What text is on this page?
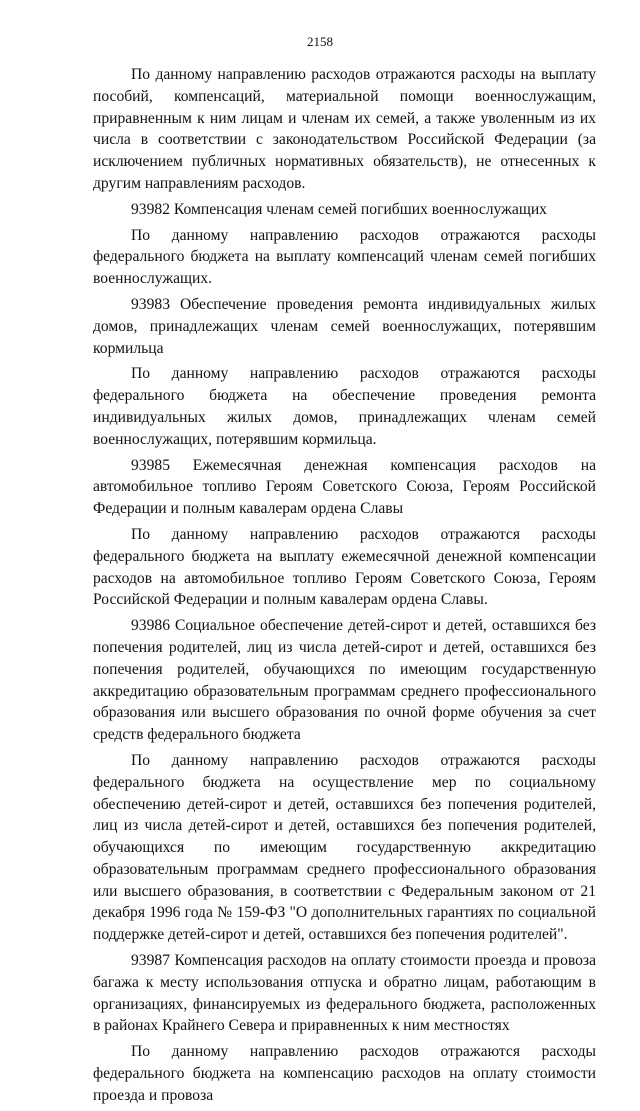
2158

По данному направлению расходов отражаются расходы на выплату пособий, компенсаций, материальной помощи военнослужащим, приравненным к ним лицам и членам их семей, а также уволенным из их числа в соответствии с законодательством Российской Федерации (за исключением публичных нормативных обязательств), не отнесенных к другим направлениям расходов.

93982 Компенсация членам семей погибших военнослужащих

По данному направлению расходов отражаются расходы федерального бюджета на выплату компенсаций членам семей погибших военнослужащих.

93983 Обеспечение проведения ремонта индивидуальных жилых домов, принадлежащих членам семей военнослужащих, потерявшим кормильца

По данному направлению расходов отражаются расходы федерального бюджета на обеспечение проведения ремонта индивидуальных жилых домов, принадлежащих членам семей военнослужащих, потерявшим кормильца.

93985 Ежемесячная денежная компенсация расходов на автомобильное топливо Героям Советского Союза, Героям Российской Федерации и полным кавалерам ордена Славы

По данному направлению расходов отражаются расходы федерального бюджета на выплату ежемесячной денежной компенсации расходов на автомобильное топливо Героям Советского Союза, Героям Российской Федерации и полным кавалерам ордена Славы.

93986 Социальное обеспечение детей-сирот и детей, оставшихся без попечения родителей, лиц из числа детей-сирот и детей, оставшихся без попечения родителей, обучающихся по имеющим государственную аккредитацию образовательным программам среднего профессионального образования или высшего образования по очной форме обучения за счет средств федерального бюджета

По данному направлению расходов отражаются расходы федерального бюджета на осуществление мер по социальному обеспечению детей-сирот и детей, оставшихся без попечения родителей, лиц из числа детей-сирот и детей, оставшихся без попечения родителей, обучающихся по имеющим государственную аккредитацию образовательным программам среднего профессионального образования или высшего образования, в соответствии с Федеральным законом от 21 декабря 1996 года № 159-ФЗ "О дополнительных гарантиях по социальной поддержке детей-сирот и детей, оставшихся без попечения родителей".

93987 Компенсация расходов на оплату стоимости проезда и провоза багажа к месту использования отпуска и обратно лицам, работающим в организациях, финансируемых из федерального бюджета, расположенных в районах Крайнего Севера и приравненных к ним местностях

По данному направлению расходов отражаются расходы федерального бюджета на компенсацию расходов на оплату стоимости проезда и провоза
